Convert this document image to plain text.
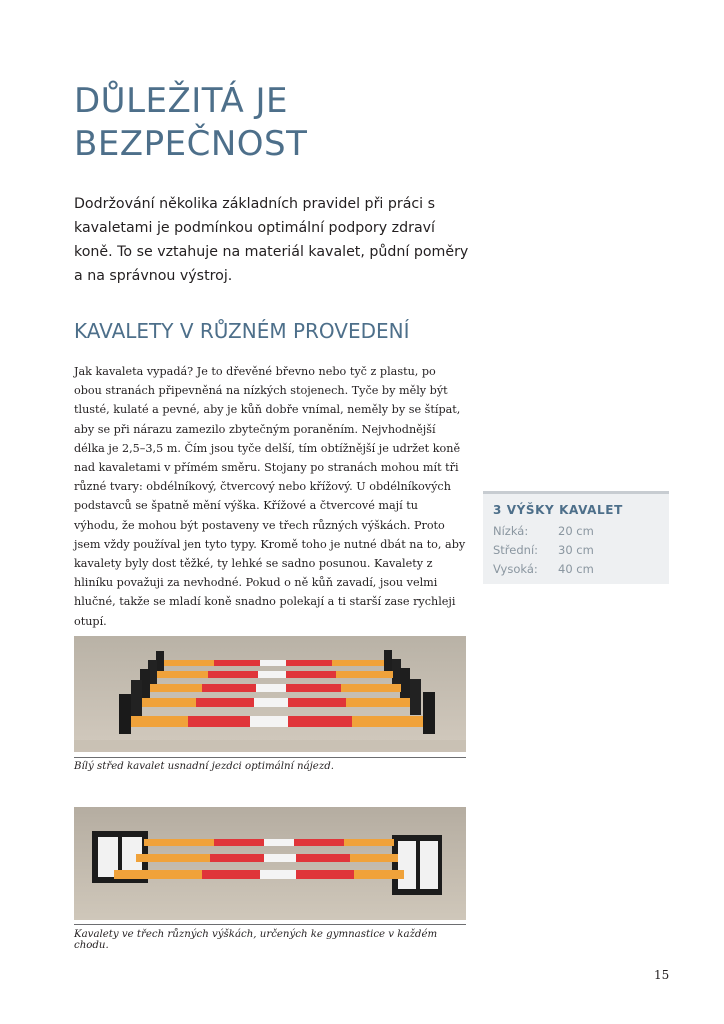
DŮLEŽITÁ JE
BEZPEČNOST

Dodržování několika základních pravidel při práci s kavaletami je podmínkou optimální podpory zdraví koně. To se vztahuje na materiál kavalet, půdní poměry a na správnou výstroj.

KAVALETY V RŮZNÉM PROVEDENÍ

Jak kavaleta vypadá? Je to dřevěné břevno nebo tyč z plastu, po obou stranách připevněná na nízkých stojenech. Tyče by měly být tlusté, kulaté a pevné, aby je kůň dobře vnímal, neměly by se štípat, aby se při nárazu zamezilo zbytečným poraněním. Nejvhodnější délka je 2,5–3,5 m. Čím jsou tyče delší, tím obtížnější je udržet koně nad kavaletami v přímém směru. Stojany po stranách mohou mít tři různé tvary: obdélníkový, čtvercový nebo křížový. U obdélníkových podstavců se špatně mění výška. Křížové a čtvercové mají tu výhodu, že mohou být postaveny ve třech různých výškách. Proto jsem vždy používal jen tyto typy. Kromě toho je nutné dbát na to, aby kavalety byly dost těžké, ty lehké se sadno posunou. Kavalety z hliníku považuji za nevhodné. Pokud o ně kůň zavadí, jsou velmi hlučné, takže se mladí koně snadno polekají a ti starší zase rychleji otupí.

3 VÝŠKY KAVALET
Nízká:	20 cm
Střední: 30 cm
Vysoká: 40 cm

Bílý střed kavalet usnadní jezdci optimální nájezd.

Kavalety ve třech různých výškách, určených ke gymnastice v každém chodu.

15
